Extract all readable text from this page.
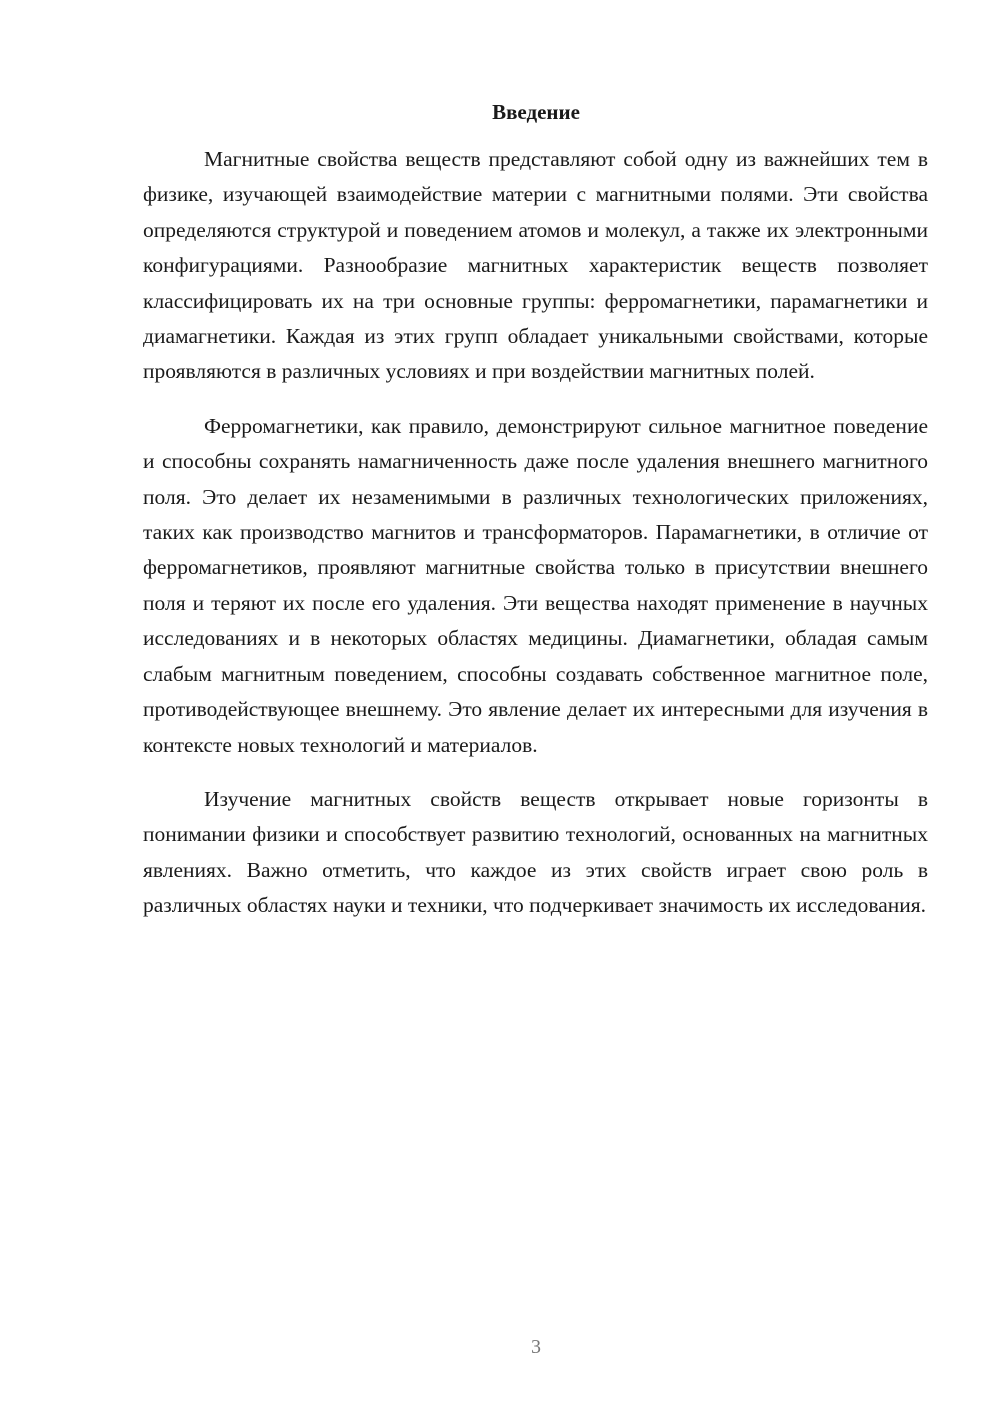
Введение

Магнитные свойства веществ представляют собой одну из важнейших тем в физике, изучающей взаимодействие материи с магнитными полями. Эти свойства определяются структурой и поведением атомов и молекул, а также их электронными конфигурациями. Разнообразие магнитных характеристик веществ позволяет классифицировать их на три основные группы: ферромагнетики, парамагнетики и диамагнетики. Каждая из этих групп обладает уникальными свойствами, которые проявляются в различных условиях и при воздействии магнитных полей.

Ферромагнетики, как правило, демонстрируют сильное магнитное поведение и способны сохранять намагниченность даже после удаления внешнего магнитного поля. Это делает их незаменимыми в различных технологических приложениях, таких как производство магнитов и трансформаторов. Парамагнетики, в отличие от ферромагнетиков, проявляют магнитные свойства только в присутствии внешнего поля и теряют их после его удаления. Эти вещества находят применение в научных исследованиях и в некоторых областях медицины. Диамагнетики, обладая самым слабым магнитным поведением, способны создавать собственное магнитное поле, противодействующее внешнему. Это явление делает их интересными для изучения в контексте новых технологий и материалов.

Изучение магнитных свойств веществ открывает новые горизонты в понимании физики и способствует развитию технологий, основанных на магнитных явлениях. Важно отметить, что каждое из этих свойств играет свою роль в различных областях науки и техники, что подчеркивает значимость их исследования.

3
